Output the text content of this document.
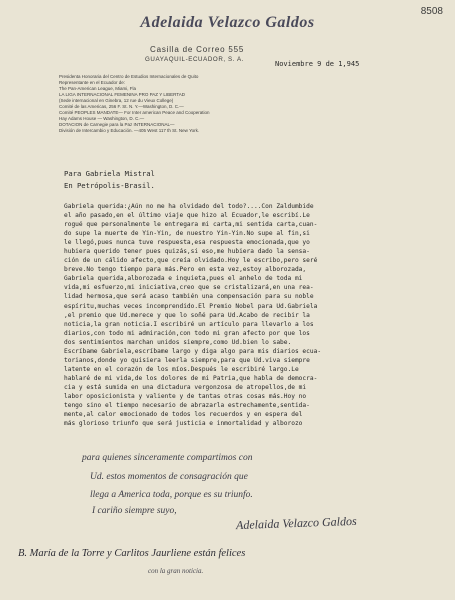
8508
Adelaida Velazco Galdos
Casilla de Correo 555
GUAYAQUIL-ECUADOR, S. A.
Noviembre 9 de 1,945
Presidenta Honoraria del Centro de Estudios Internacionales de Quito
Representante en el Ecuador de:
The Pan-American League, Miami, Fla
LA LIGA INTERNACIONAL FEMENINA PRO PAZ Y LIBERTAD
(Sede internacional en Ginebra, 12 rue du Vieux College)
Comité de las Americas, 256 F. St. N. Y.—Washington, D. C.—
Comité PEOPLES MANDATE— For Inter american Peace and Cooperation
Hay Adams House — Washington, D. C.—
DOTACION de Carnegie para la Paz INTERNACIONAL—
División de Intercambio y Educación. —405 West 117 th St. New York.
Para Gabriela Mistral
En Petrópolis-Brasil.
Gabriela querida:¿Aún no me ha olvidado del todo?....Con Zaldumbide
el año pasado,en el último viaje que hizo al Ecuador,le escribí.Le
rogué que personalmente le entregara mi carta,mi sentida carta,cuan-
do supe la muerte de Yin-Yin, de nuestro Yin-Yin.No supe al fin,si
le llegó,pues nunca tuve respuesta,esa respuesta emocionada,que yo
hubiera querido tener pues quizás,si eso,me hubiera dado la sensa-
ción de un cálido afecto,que creía olvidado.Hoy le escribo,pero seré
breve.No tengo tiempo para más.Pero en esta vez,estoy alborozada,
Gabriela querida,alborozada e inquieta,pues el anhelo de toda mi
vida,mi esfuerzo,mi iniciativa,creo que se cristalizará,en una rea-
lidad hermosa,que será acaso también una compensación para su noble
espíritu,muchas veces incomprendido.El Premio Nobel para Ud.Gabriela
,el premio que Ud.merece y que lo soñé para Ud.Acabo de recibir la
noticia,la gran noticia.I escribiré un artículo para llevarlo a los
diarios,con todo mi admiración,con todo mi gran afecto por que los
dos sentimientos marchan unidos siempre,como Ud.bien lo sabe.
Escríbame Gabriela,escríbame largo y diga algo para mis diarios ecua-
torianos,donde yo quisiera leerla siempre,para que Ud.viva siempre
latente en el corazón de los míos.Después le escribiré largo.Le
hablaré de mi vida,de los dolores de mi Patria,que habla de democra-
cia y está sumida en una dictadura vergonzosa de atropellos,de mi
labor oposicionista y valiente y de tantas otras cosas más.Hoy no
tengo sino el tiempo necesario de abrazarla estrechamente,sentida-
mente,al calor emocionado de todos los recuerdos y en espera del
más glorioso triunfo que será justicia e inmortalidad y alborozo
para quienes sinceramente compartimos con
Ud. estos momentos de consagración que
llega a America toda, porque es su triunfo.
I cariño siempre suyo,
Adelaida Velazco Galdos
B. María de la Torre y Carlitos Jaurliene están felices
con la gran noticia.
